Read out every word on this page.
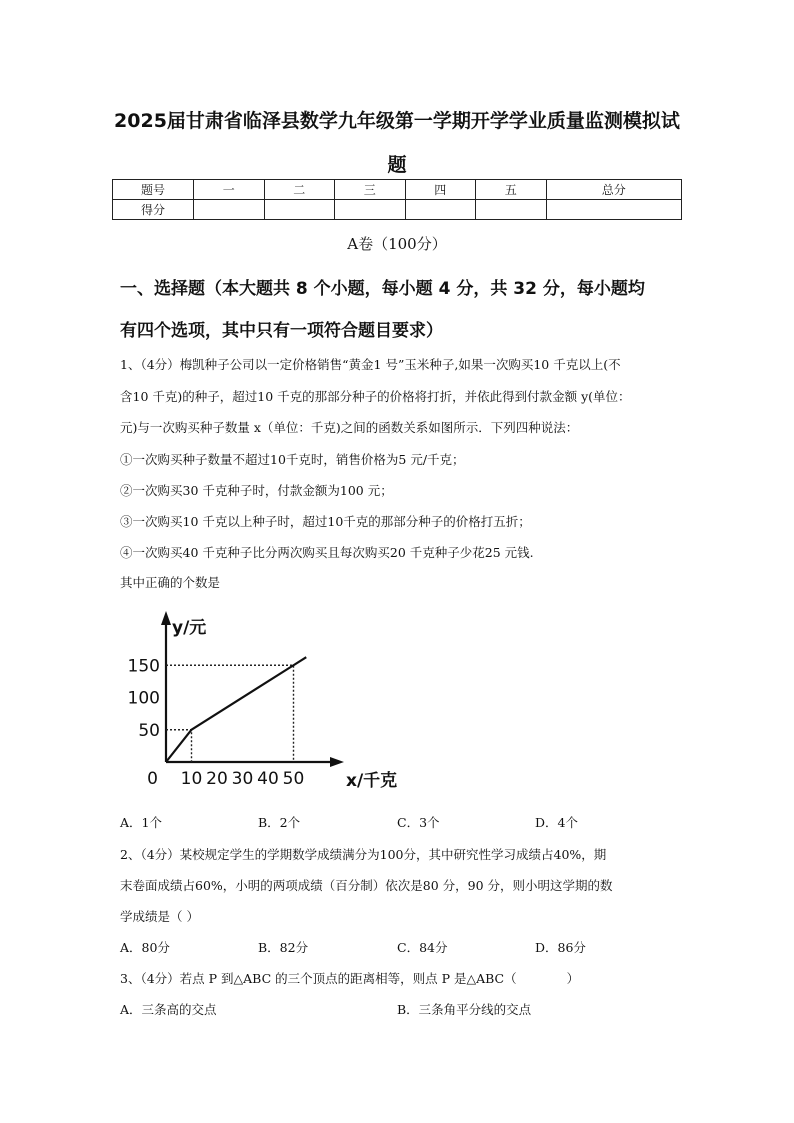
2025届甘肃省临泽县数学九年级第一学期开学学业质量监测模拟试
题
题号	一	二	三	四	五	总分
得分						
A卷（100分）
一、选择题（本大题共 8 个小题，每小题 4 分，共 32 分，每小题均
有四个选项，其中只有一项符合题目要求）
1、（4分）梅凯种子公司以一定价格销售“黄金1 号”玉米种子,如果一次购买10 千克以上(不
含10 千克)的种子，超过10 千克的那部分种子的价格将打折，并依此得到付款金额 y(单位：
元)与一次购买种子数量 x（单位：千克)之间的函数关系如图所示．下列四种说法：
①一次购买种子数量不超过10千克时，销售价格为5 元/千克；
②一次购买30 千克种子时，付款金额为100 元；
③一次购买10 千克以上种子时，超过10千克的那部分种子的价格打五折；
④一次购买40 千克种子比分两次购买且每次购买20 千克种子少花25 元钱.
其中正确的个数是
10 20 30 40 50
50
100
150
0	x/千克
y/元
A．1个	B．2个	C．3个	D．4个
2、（4分）某校规定学生的学期数学成绩满分为100分，其中研究性学习成绩占40%，期
末卷面成绩占60%，小明的两项成绩（百分制）依次是80 分，90 分，则小明这学期的数
学成绩是（ ）
A．80分	B．82分	C．84分	D．86分
3、（4分）若点 P 到△ABC 的三个顶点的距离相等，则点 P 是△ABC（　　　　）
A．三条高的交点	B．三条角平分线的交点
